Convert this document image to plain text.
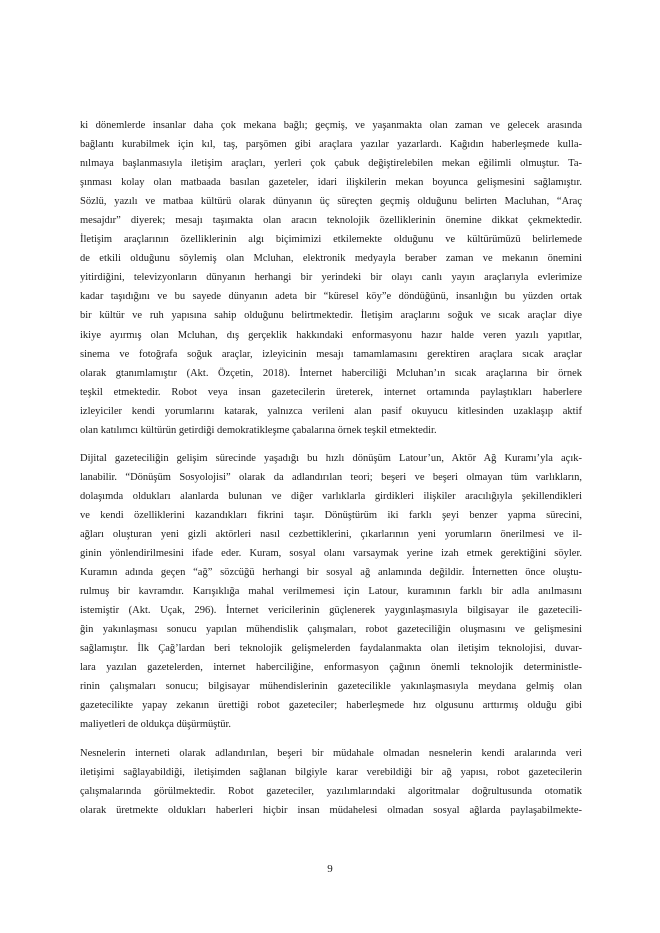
ki dönemlerde insanlar daha çok mekana bağlı; geçmiş, ve yaşanmakta olan zaman ve gelecek arasında
bağlantı kurabilmek için kıl, taş, parşömen gibi araçlara yazılar yazarlardı. Kağıdın haberleşmede kulla-
nılmaya başlanmasıyla iletişim araçları, yerleri çok çabuk değiştirelebilen mekan eğilimli olmuştur. Ta-
şınması kolay olan matbaada basılan gazeteler, idari ilişkilerin mekan boyunca gelişmesini sağlamıştır.
Sözlü, yazılı ve matbaa kültürü olarak dünyanın üç süreçten geçmiş olduğunu belirten Macluhan, “Araç
mesajdır” diyerek; mesajı taşımakta olan aracın teknolojik özelliklerinin önemine dikkat çekmektedir.
İletişim araçlarının özelliklerinin algı biçimimizi etkilemekte olduğunu ve kültürümüzü belirlemede
de etkili olduğunu söylemiş olan Mcluhan, elektronik medyayla beraber zaman ve mekanın önemini
yitirdiğini, televizyonların dünyanın herhangi bir yerindeki bir olayı canlı yayın araçlarıyla evlerimize
kadar taşıdığını ve bu sayede dünyanın adeta bir “küresel köy”e döndüğünü, insanlığın bu yüzden ortak
bir kültür ve ruh yapısına sahip olduğunu belirtmektedir. İletişim araçlarını soğuk ve sıcak araçlar diye
ikiye ayırmış olan Mcluhan, dış gerçeklik hakkındaki enformasyonu hazır halde veren yazılı yapıtlar,
sinema ve fotoğrafa soğuk araçlar, izleyicinin mesajı tamamlamasını gerektiren araçlara sıcak araçlar
olarak gtanımlamıştır (Akt. Özçetin, 2018). İnternet haberciliği Mcluhan’ın sıcak araçlarına bir örnek
teşkil etmektedir. Robot veya insan gazetecilerin üreterek, internet ortamında paylaştıkları haberlere
izleyiciler kendi yorumlarını katarak, yalnızca verileni alan pasif okuyucu kitlesinden uzaklaşıp aktif
olan katılımcı kültürün getirdiği demokratikleşme çabalarına örnek teşkil etmektedir.
Dijital gazeteciliğin gelişim sürecinde yaşadığı bu hızlı dönüşüm Latour’un, Aktör Ağ Kuramı’yla açık-
lanabilir. “Dönüşüm Sosyolojisi” olarak da adlandırılan teori; beşeri ve beşeri olmayan tüm varlıkların,
dolaşımda oldukları alanlarda bulunan ve diğer varlıklarla girdikleri ilişkiler aracılığıyla şekillendikleri
ve kendi özelliklerini kazandıkları fikrini taşır. Dönüştürüm iki farklı şeyi benzer yapma sürecini,
ağları oluşturan yeni gizli aktörleri nasıl cezbettiklerini, çıkarlarının yeni yorumların önerilmesi ve il-
ginin yönlendirilmesini ifade eder. Kuram, sosyal olanı varsaymak yerine izah etmek gerektiğini söyler.
Kuramın adında geçen “ağ” sözcüğü herhangi bir sosyal ağ anlamında değildir. İnternetten önce oluştu-
rulmuş bir kavramdır. Karışıklığa mahal verilmemesi için Latour, kuramının farklı bir adla anılmasını
istemiştir (Akt. Uçak, 296). İnternet vericilerinin güçlenerek yaygınlaşmasıyla bilgisayar ile gazetecili-
ğin yakınlaşması sonucu yapılan mühendislik çalışmaları, robot gazeteciliğin oluşmasını ve gelişmesini
sağlamıştır. İlk Çağ’lardan beri teknolojik gelişmelerden faydalanmakta olan iletişim teknolojisi, duvar-
lara yazılan gazetelerden, internet haberciliğine, enformasyon çağının önemli teknolojik deterministle-
rinin çalışmaları sonucu; bilgisayar mühendislerinin gazetecilikle yakınlaşmasıyla meydana gelmiş olan
gazetecilikte yapay zekanın ürettiği robot gazeteciler; haberleşmede hız olgusunu arttırmış olduğu gibi
maliyetleri de oldukça düşürmüştür.
Nesnelerin interneti olarak adlandırılan, beşeri bir müdahale olmadan nesnelerin kendi aralarında veri
iletişimi sağlayabildiği, iletişimden sağlanan bilgiyle karar verebildiği bir ağ yapısı, robot gazetecilerin
çalışmalarında görülmektedir. Robot gazeteciler, yazılımlarındaki algoritmalar doğrultusunda otomatik
olarak üretmekte oldukları haberleri hiçbir insan müdahelesi olmadan sosyal ağlarda paylaşabilmekte-
9
